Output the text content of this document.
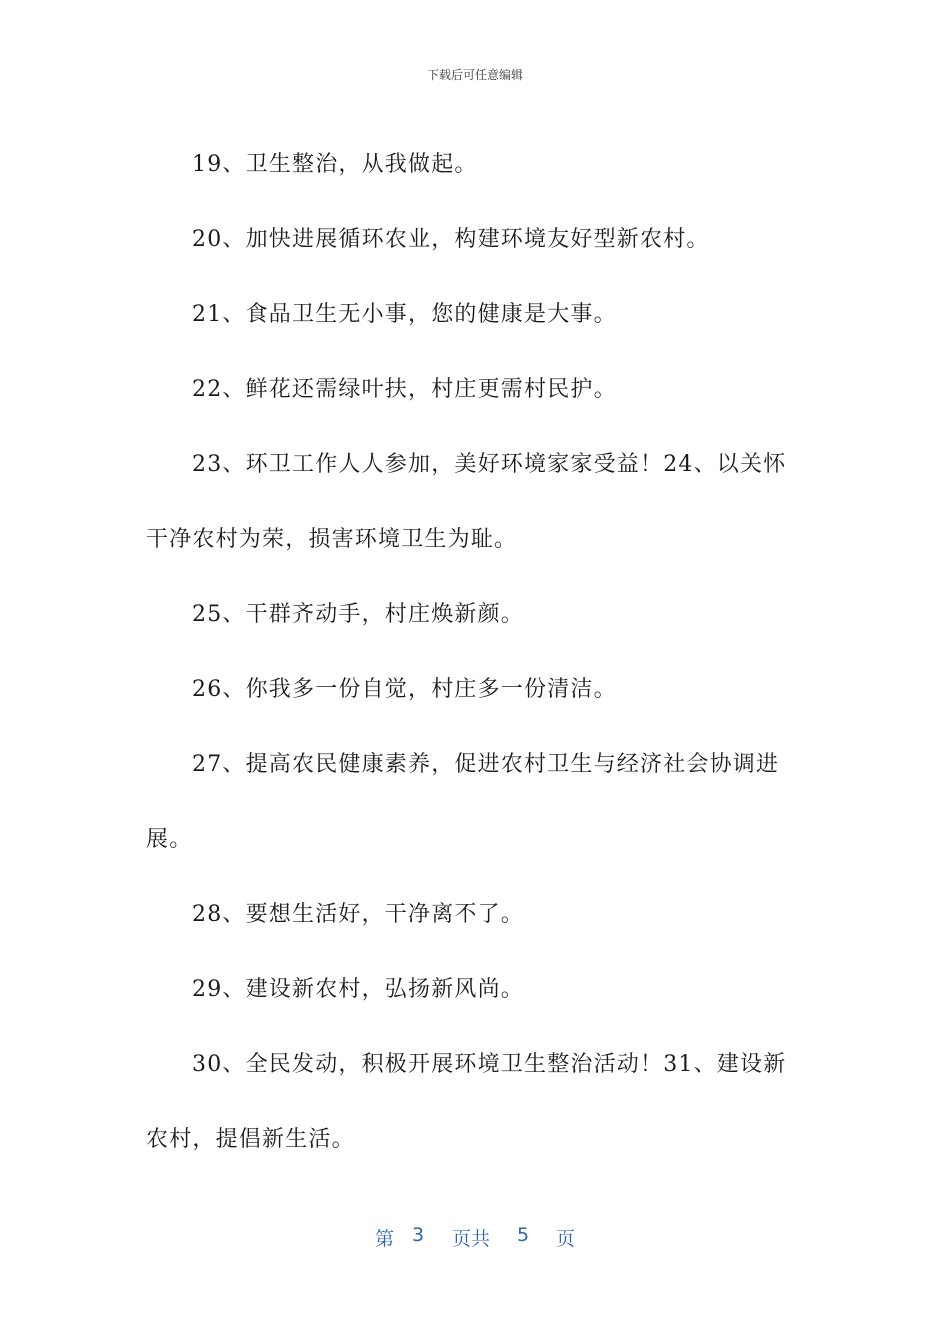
下载后可任意编辑

19、卫生整治，从我做起。

20、加快进展循环农业，构建环境友好型新农村。

21、食品卫生无小事，您的健康是大事。

22、鲜花还需绿叶扶，村庄更需村民护。

23、环卫工作人人参加，美好环境家家受益！24、以关怀干净农村为荣，损害环境卫生为耻。

25、干群齐动手，村庄焕新颜。

26、你我多一份自觉，村庄多一份清洁。

27、提高农民健康素养，促进农村卫生与经济社会协调进展。

28、要想生活好，干净离不了。

29、建设新农村，弘扬新风尚。

30、全民发动，积极开展环境卫生整治活动！31、建设新农村，提倡新生活。

第 3 页共 5 页
